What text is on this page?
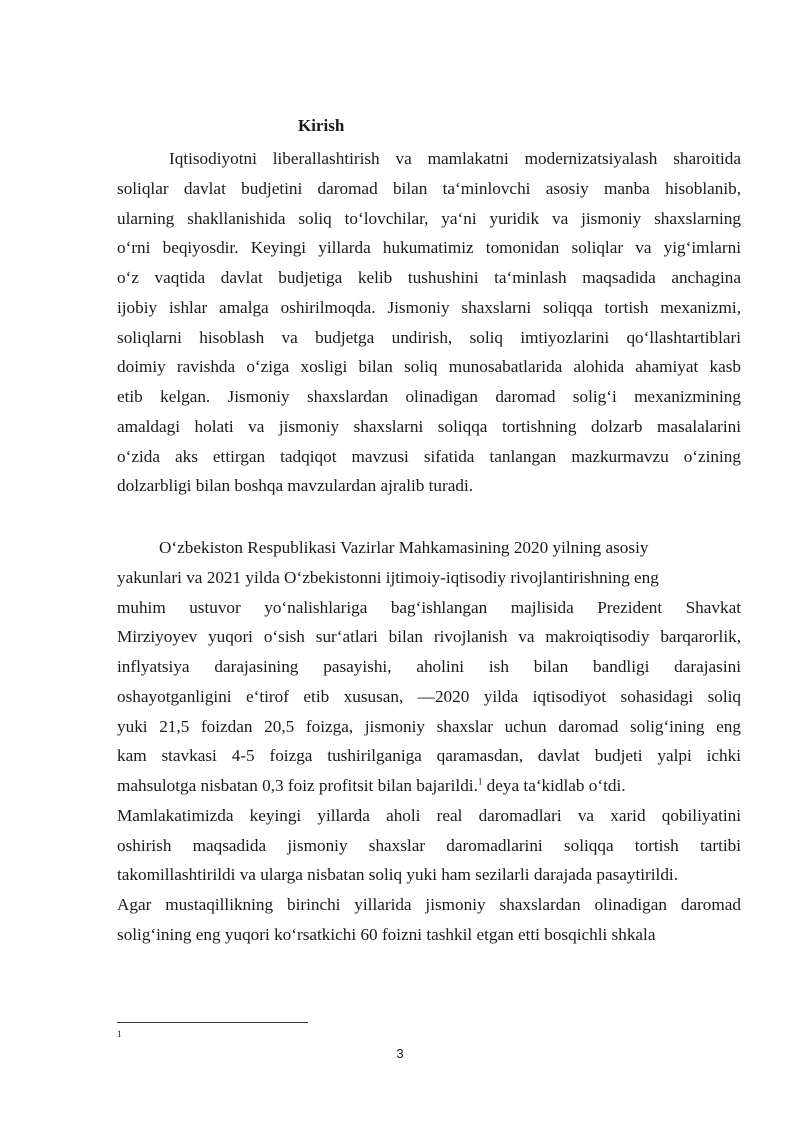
Kirish
Iqtisodiyotni liberallashtirish va mamlakatni modernizatsiyalash sharoitida
soliqlar davlat budjetini daromad bilan ta‘minlovchi asosiy manba hisoblanib,
ularning shakllanishida soliq to‘lovchilar, ya‘ni yuridik va jismoniy shaxslarning
o‘rni beqiyosdir. Keyingi yillarda hukumatimiz tomonidan soliqlar va yig‘imlarni
o‘z vaqtida davlat budjetiga kelib tushushini ta‘minlash maqsadida anchagina
ijobiy ishlar amalga oshirilmoqda. Jismoniy shaxslarni soliqqa tortish mexanizmi,
soliqlarni hisoblash va budjetga undirish, soliq imtiyozlarini qo‘llashtartiblari
doimiy ravishda o‘ziga xosligi bilan soliq munosabatlarida alohida ahamiyat kasb
etib kelgan. Jismoniy shaxslardan olinadigan daromad solig‘i mexanizmining
amaldagi holati va jismoniy shaxslarni soliqqa tortishning dolzarb masalalarini
o‘zida aks ettirgan tadqiqot mavzusi sifatida tanlangan mazkurmavzu o‘zining
dolzarbligi bilan boshqa mavzulardan ajralib turadi.
O‘zbekiston Respublikasi Vazirlar Mahkamasining 2020 yilning asosiy
yakunlari va 2021 yilda O‘zbekistonni ijtimoiy-iqtisodiy rivojlantirishning eng
muhim ustuvor yo‘nalishlariga bag‘ishlangan majlisida Prezident Shavkat
Mirziyoyev yuqori o‘sish sur‘atlari bilan rivojlanish va makroiqtisodiy barqarorlik,
inflyatsiya darajasining pasayishi, aholini ish bilan bandligi darajasini
oshayotganligini e‘tirof etib xususan, ―2020 yilda iqtisodiyot sohasidagi soliq
yuki 21,5 foizdan 20,5 foizga, jismoniy shaxslar uchun daromad solig‘ining eng
kam stavkasi 4-5 foizga tushirilganiga qaramasdan, davlat budjeti yalpi ichki
mahsulotga nisbatan 0,3 foiz profitsit bilan bajarildi.$^1$ deya ta‘kidlab o‘tdi.
Mamlakatimizda keyingi yillarda aholi real daromadlari va xarid qobiliyatini
oshirish maqsadida jismoniy shaxslar daromadlarini soliqqa tortish tartibi
takomillashtirildi va ularga nisbatan soliq yuki ham sezilarli darajada pasaytirildi.
Agar mustaqillikning birinchi yillarida jismoniy shaxslardan olinadigan daromad
solig‘ining eng yuqori ko‘rsatkichi 60 foizni tashkil etgan etti bosqichli shkala

1

3
